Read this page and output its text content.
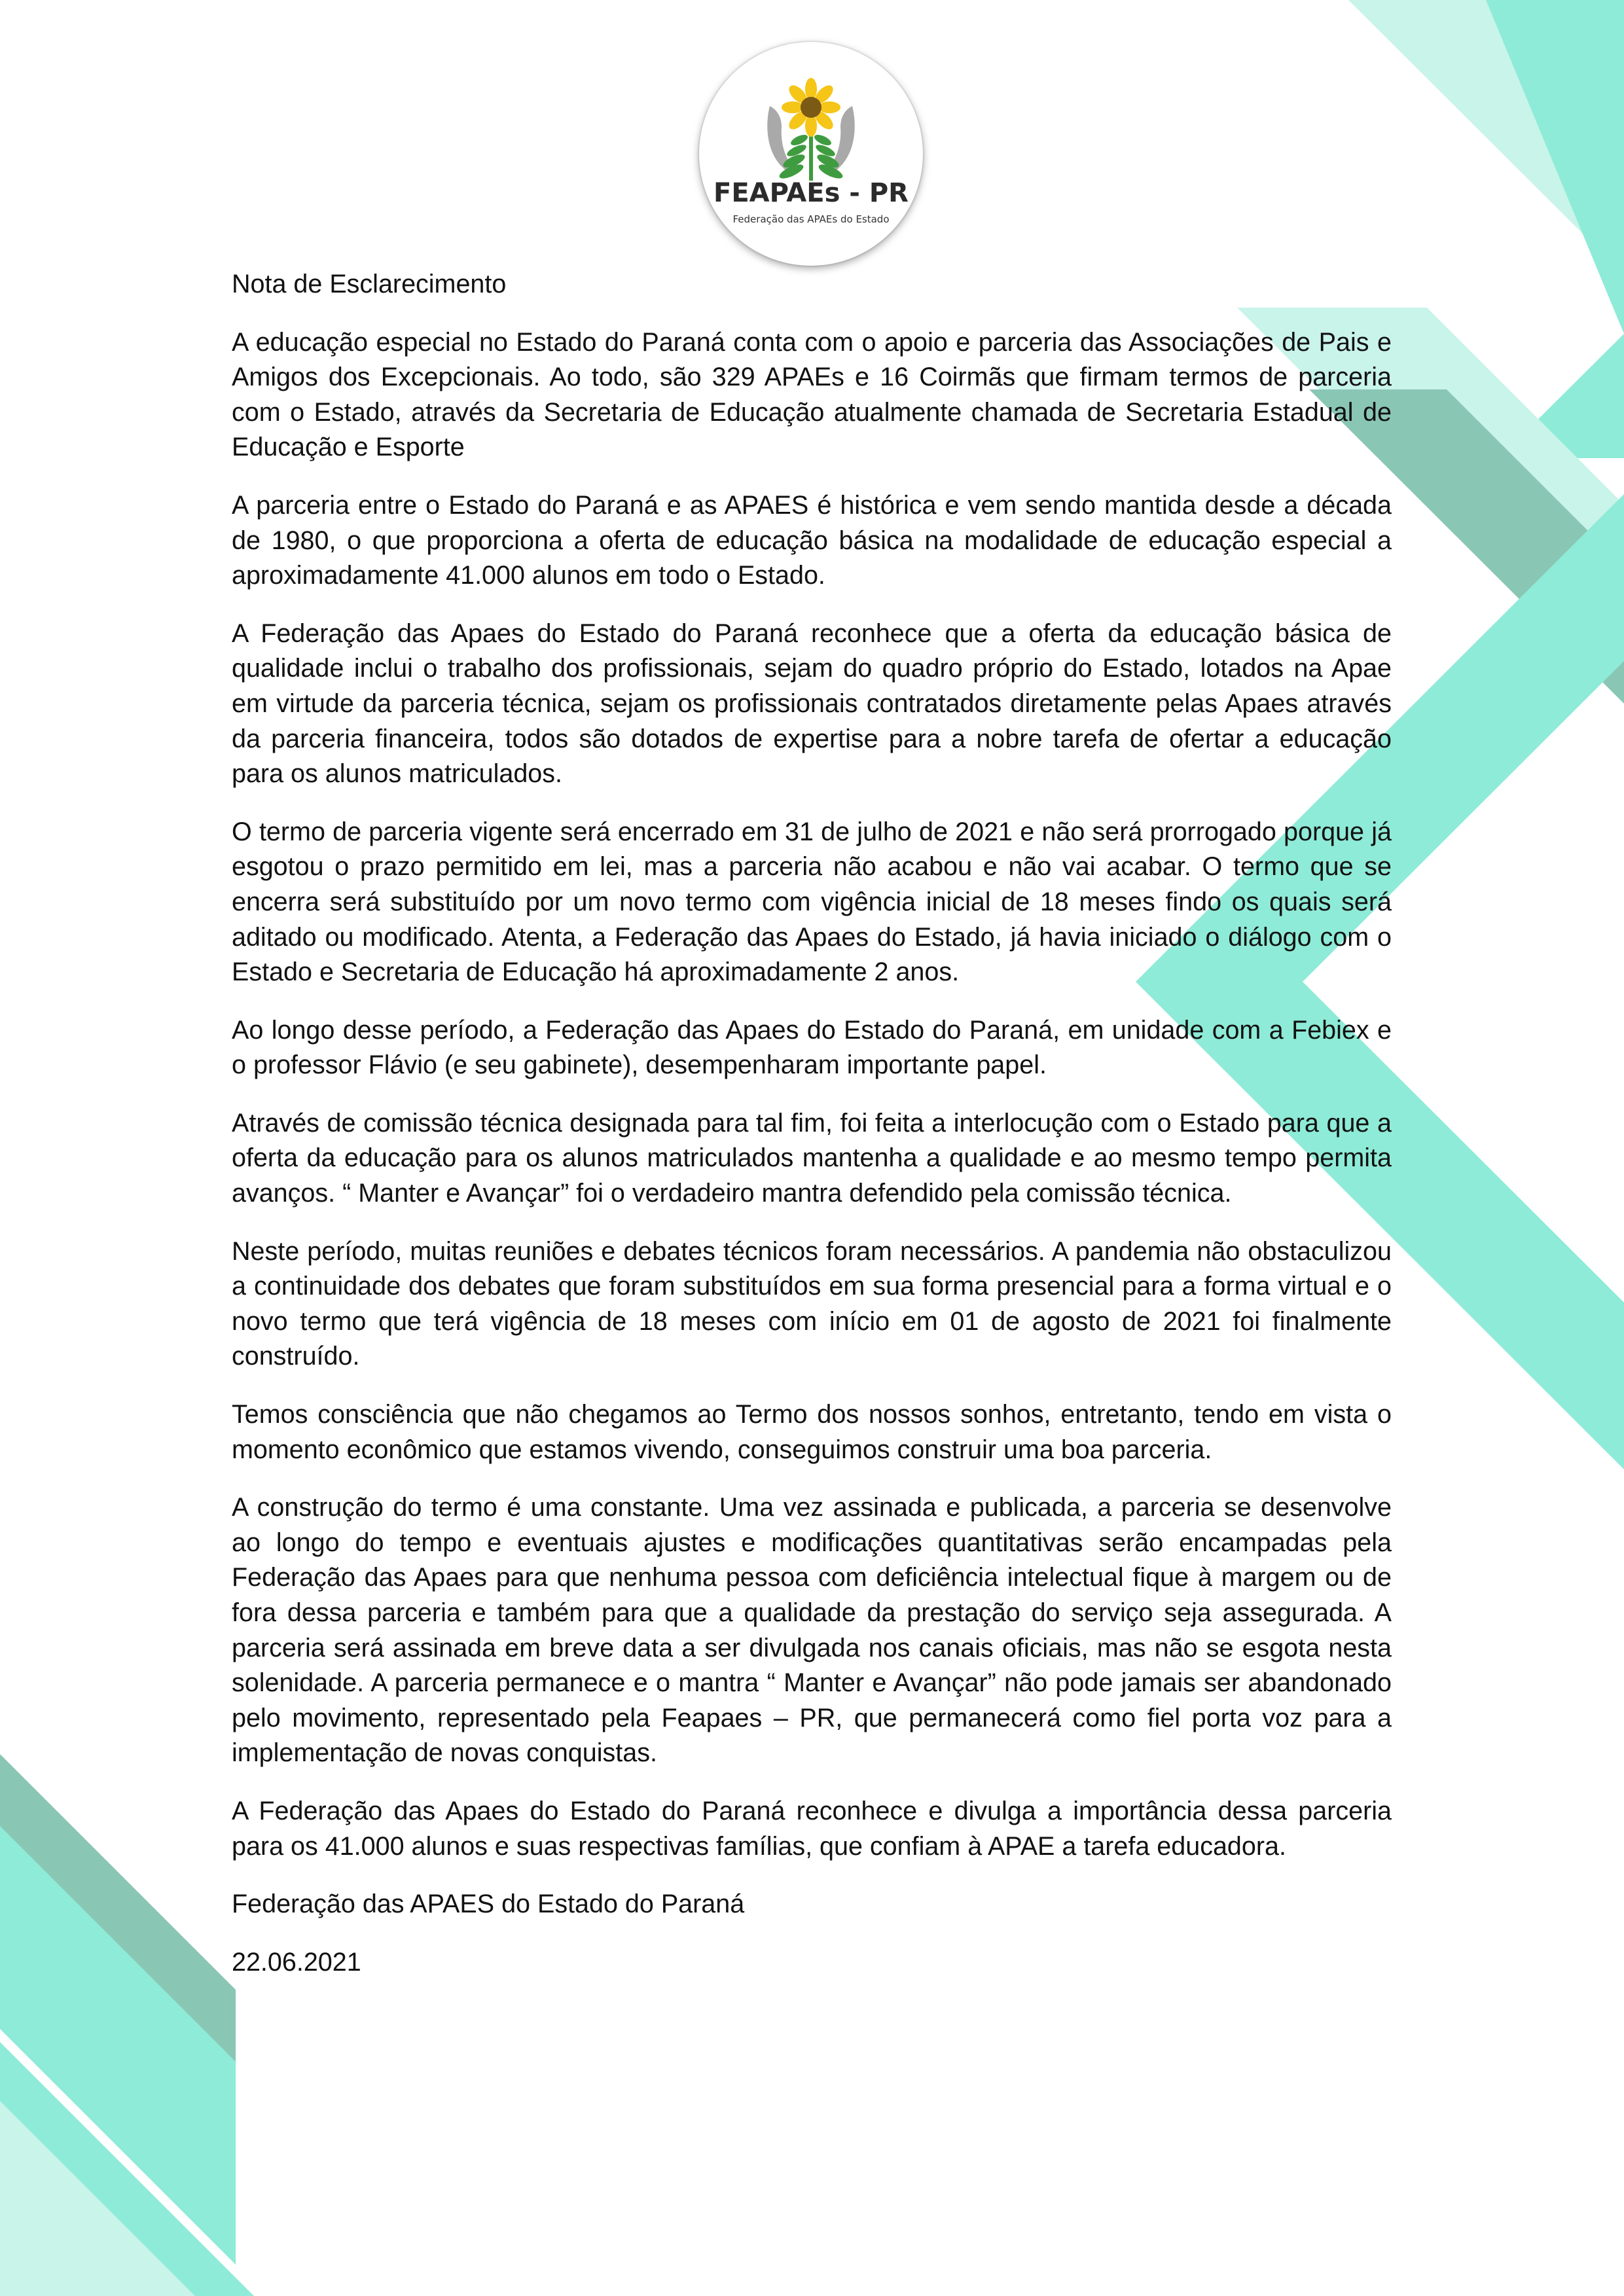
FEAPAEs - PR
Federação das APAEs do Estado

Nota de Esclarecimento

A educação especial no Estado do Paraná conta com o apoio e parceria das Associações de Pais e Amigos dos Excepcionais. Ao todo, são 329 APAEs e 16 Coirmãs que firmam termos de parceria com o Estado, através da Secretaria de Educação atualmente chamada de Secretaria Estadual de Educação e Esporte

A parceria entre o Estado do Paraná e as APAES é histórica e vem sendo mantida desde a década de 1980, o que proporciona a oferta de educação básica na modalidade de educação especial a aproximadamente 41.000 alunos em todo o Estado.

A Federação das Apaes do Estado do Paraná reconhece que a oferta da educação básica de qualidade inclui o trabalho dos profissionais, sejam do quadro próprio do Estado, lotados na Apae em virtude da parceria técnica, sejam os profissionais contratados diretamente pelas Apaes através da parceria financeira, todos são dotados de expertise para a nobre tarefa de ofertar a educação para os alunos matriculados.

O termo de parceria vigente será encerrado em 31 de julho de 2021 e não será prorrogado porque já esgotou o prazo permitido em lei, mas a parceria não acabou e não vai acabar. O termo que se encerra será substituído por um novo termo com vigência inicial de 18 meses findo os quais será aditado ou modificado. Atenta, a Federação das Apaes do Estado, já havia iniciado o diálogo com o Estado e Secretaria de Educação há aproximadamente 2 anos.

Ao longo desse período, a Federação das Apaes do Estado do Paraná, em unidade com a Febiex e o professor Flávio (e seu gabinete), desempenharam importante papel.

Através de comissão técnica designada para tal fim, foi feita a interlocução com o Estado para que a oferta da educação para os alunos matriculados mantenha a qualidade e ao mesmo tempo permita avanços. “ Manter e Avançar” foi o verdadeiro mantra defendido pela comissão técnica.

Neste período, muitas reuniões e debates técnicos foram necessários. A pandemia não obstaculizou a continuidade dos debates que foram substituídos em sua forma presencial para a forma virtual e o novo termo que terá vigência de 18 meses com início em 01 de agosto de 2021 foi finalmente construído.

Temos consciência que não chegamos ao Termo dos nossos sonhos, entretanto, tendo em vista o momento econômico que estamos vivendo, conseguimos construir uma boa parceria.

A construção do termo é uma constante. Uma vez assinada e publicada, a parceria se desenvolve ao longo do tempo e eventuais ajustes e modificações quantitativas serão encampadas pela Federação das Apaes para que nenhuma pessoa com deficiência intelectual fique à margem ou de fora dessa parceria e também para que a qualidade da prestação do serviço seja assegurada. A parceria será assinada em breve data a ser divulgada nos canais oficiais, mas não se esgota nesta solenidade. A parceria permanece e o mantra “ Manter e Avançar” não pode jamais ser abandonado pelo movimento, representado pela Feapaes – PR, que permanecerá como fiel porta voz para a implementação de novas conquistas.

A Federação das Apaes do Estado do Paraná reconhece e divulga a importância dessa parceria para os 41.000 alunos e suas respectivas famílias, que confiam à APAE a tarefa educadora.

Federação das APAES do Estado do Paraná

22.06.2021
